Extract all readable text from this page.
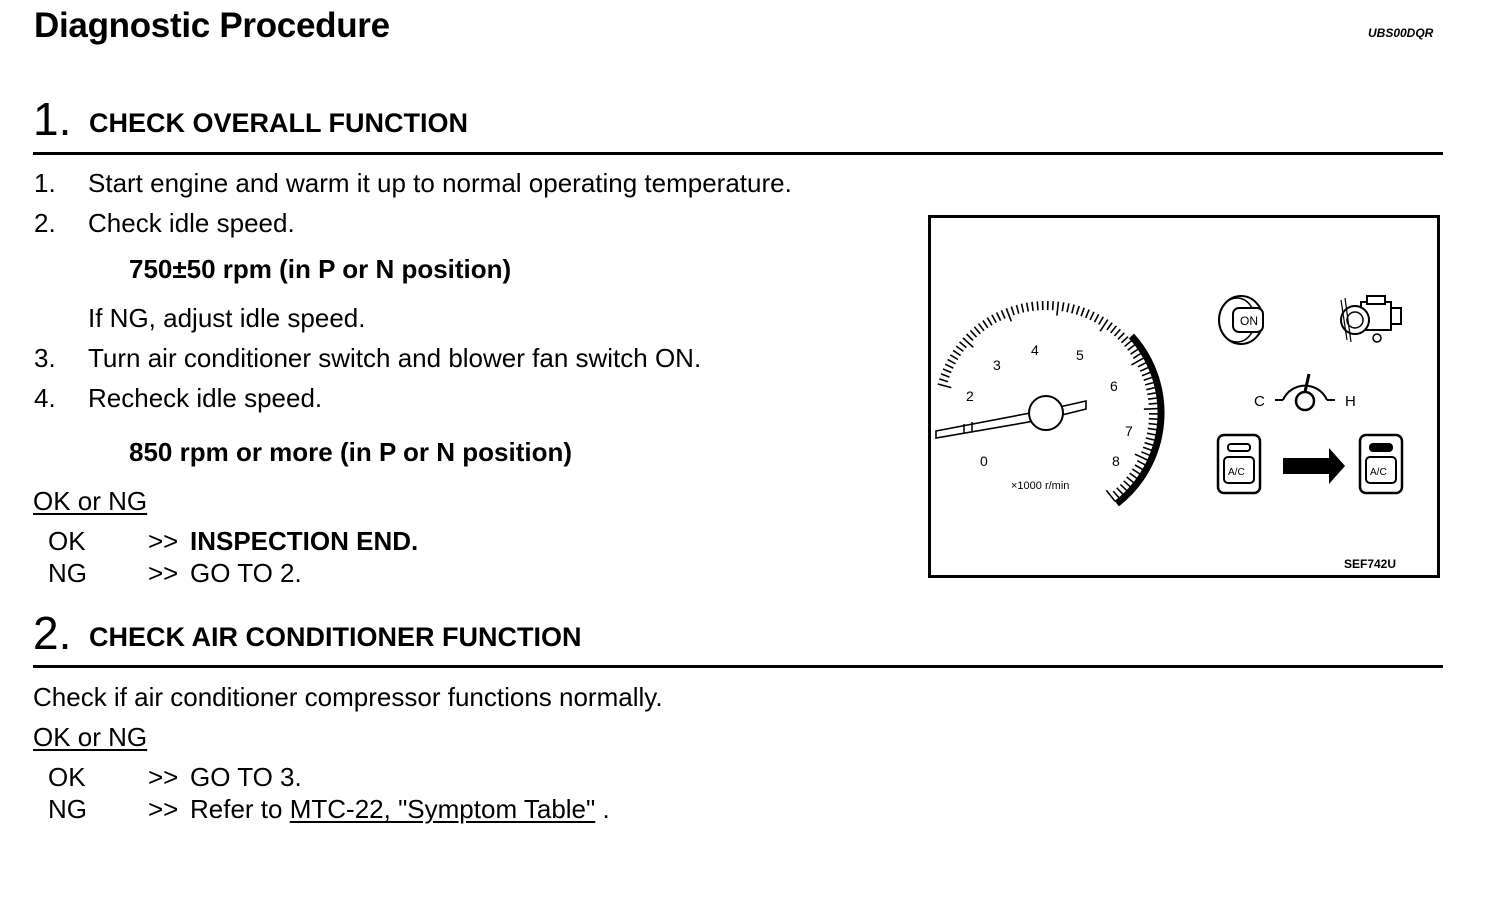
Diagnostic Procedure	UBS00DQR
1. CHECK OVERALL FUNCTION
1. Start engine and warm it up to normal operating temperature.
2. Check idle speed.
750±50 rpm (in P or N position)
If NG, adjust idle speed.
3. Turn air conditioner switch and blower fan switch ON.
4. Recheck idle speed.
850 rpm or more (in P or N position)
OK or NG
OK >> INSPECTION END.
NG >> GO TO 2.
0
2
3
4	5
6
7
8
×1000 r/min
ON
C	H
A/C	A/C
SEF742U
2. CHECK AIR CONDITIONER FUNCTION
Check if air conditioner compressor functions normally.
OK or NG
OK >> GO TO 3.
NG >> Refer to MTC-22, "Symptom Table" .
